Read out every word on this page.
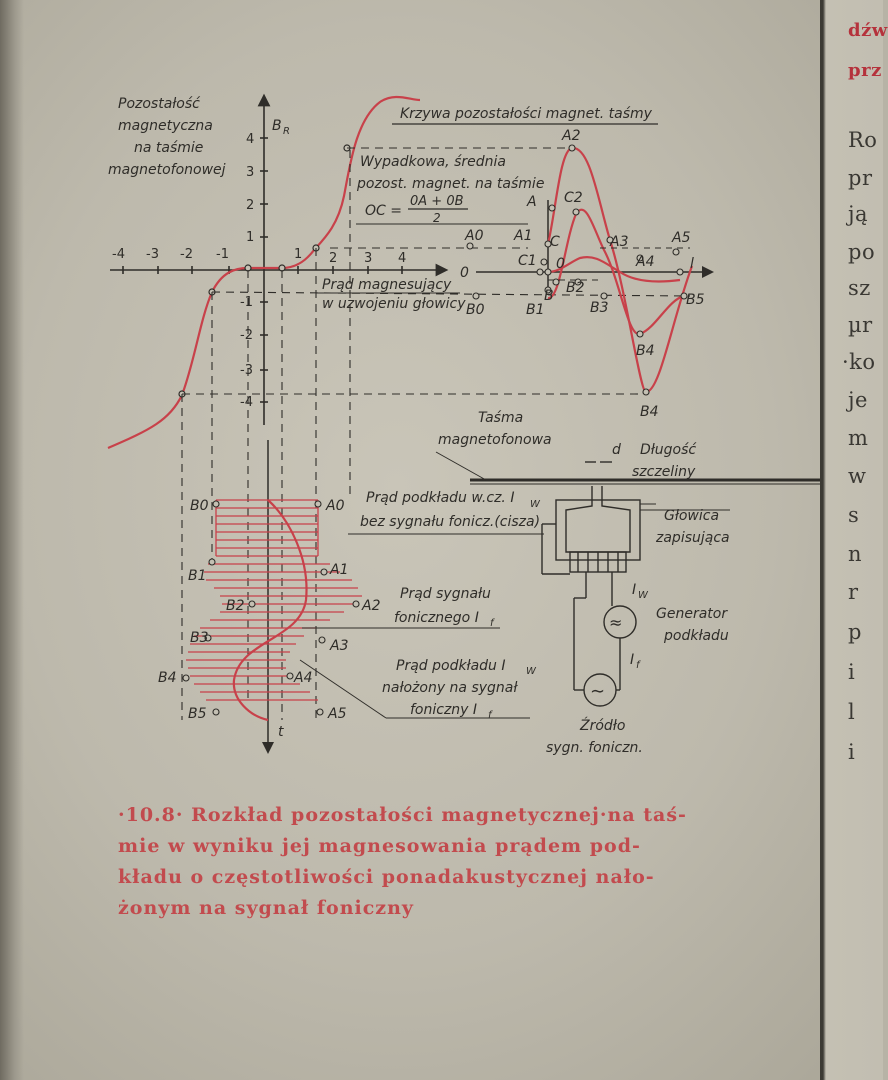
dźw
prz
Ro
pr
ją
po
sz
µr
·ko
je
m
w
s
n
r
p
i
l
i
-4 -3 -2 -1	1 2 3 4
4
3
2
1
-1
-2
-3
-4
Pozostałość
magnetyczna
na taśmie
magnetofonowej
B R
Krzywa pozostałości magnet. taśmy
Wypadkowa, średnia
pozost. magnet. na taśmie
OC =
0A + 0B
2
Prąd magnesujący
w uzwojeniu głowicy
A2
A C2
A0 A1 C	A3	A5
A4
C1 0
0
l
B B2
B1	B3	B5
B4
B4
B0
≈
∼
I W
I f
Taśma
magnetofonowa
d Długość
szczeliny
Głowica
zapisująca
Generator
podkładu
Źródło
sygn. foniczn.
B0	A0
B1	A1
B2	A2
B3	A3
B4	A4
B5	A5
t
Prąd podkładu w.cz. I W
bez sygnału fonicz.(cisza)
Prąd sygnału
fonicznego I f
Prąd podkładu I W
nałożony na sygnał
foniczny I f
·10.8· Rozkład pozostałości magnetycznej·na taś-
mie w wyniku jej magnesowania prądem pod-
kładu o częstotliwości ponadakustycznej nało-
żonym na sygnał foniczny
